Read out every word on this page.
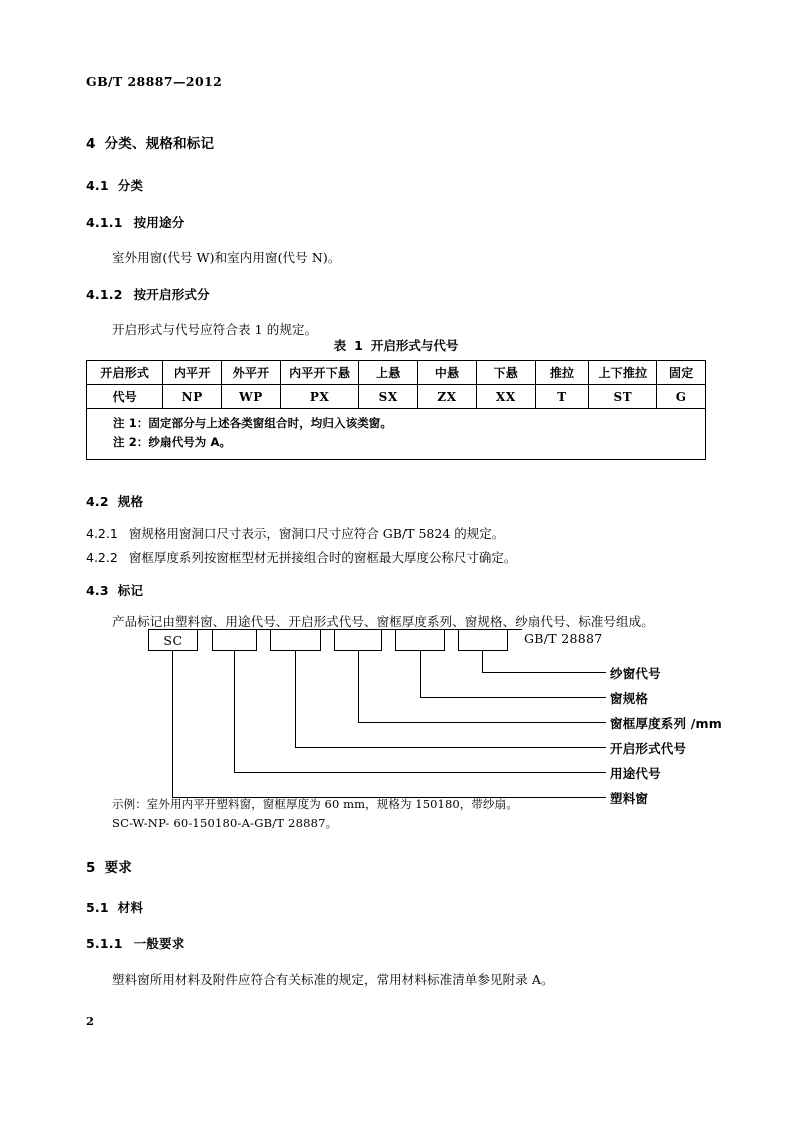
GB/T 28887—2012
4 分类、规格和标记
4.1 分类
4.1.1 按用途分
室外用窗(代号 W)和室内用窗(代号 N)。
4.1.2 按开启形式分
开启形式与代号应符合表 1 的规定。
表 1 开启形式与代号
开启形式	内平开	外平开	内平开下悬	上悬	中悬	下悬	推拉	上下推拉	固定
代号	NP	WP	PX	SX	ZX	XX	T	ST	G

注 1：固定部分与上述各类窗组合时，均归入该类窗。
注 2：纱扇代号为 A。									
4.2 规格
4.2.1 窗规格用窗洞口尺寸表示，窗洞口尺寸应符合 GB/T 5824 的规定。
4.2.2 窗框厚度系列按窗框型材无拼接组合时的窗框最大厚度公称尺寸确定。
4.3 标记
产品标记由塑料窗、用途代号、开启形式代号、窗框厚度系列、窗规格、纱扇代号、标准号组成。
SC	GB/T 28887
纱窗代号
窗规格
窗框厚度系列 /mm
开启形式代号
用途代号
塑料窗
示例：室外用内平开塑料窗，窗框厚度为 60 mm，规格为 150180，带纱扇。
SC-W-NP- 60-150180-A-GB/T 28887。
5 要求
5.1 材料
5.1.1 一般要求
塑料窗所用材料及附件应符合有关标准的规定，常用材料标准清单参见附录 A。
2
